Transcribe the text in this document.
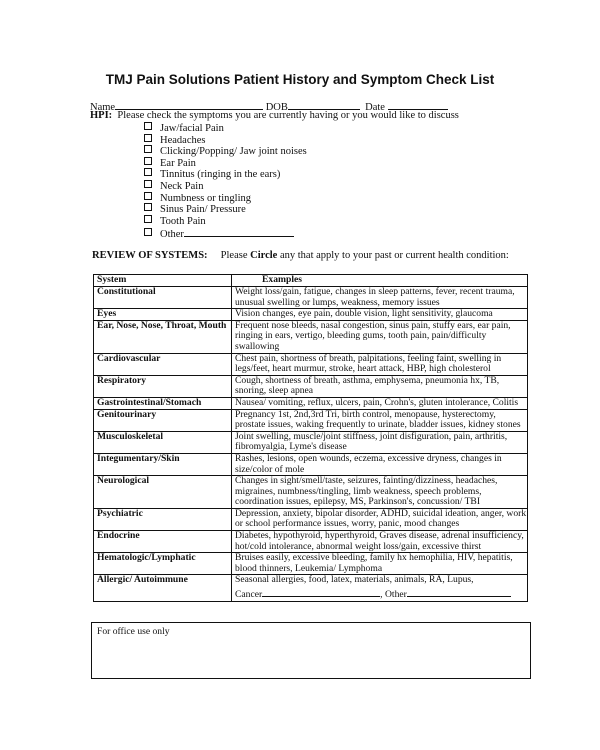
TMJ Pain Solutions Patient History and Symptom Check List
Name	DOB	Date
HPI: Please check the symptoms you are currently having or you would like to discuss
Jaw/facial Pain
Headaches
Clicking/Popping/ Jaw joint noises
Ear Pain
Tinnitus (ringing in the ears)
Neck Pain
Numbness or tingling
Sinus Pain/ Pressure
Tooth Pain
Other
REVIEW OF SYSTEMS: Please Circle any that apply to your past or current health condition:
System	Examples
Constitutional	Weight loss/gain, fatigue, changes in sleep patterns, fever, recent trauma, unusual swelling or lumps, weakness, memory issues
Eyes	Vision changes, eye pain, double vision, light sensitivity, glaucoma
Ear, Nose, Nose, Throat, Mouth	Frequent nose bleeds, nasal congestion, sinus pain, stuffy ears, ear pain, ringing in ears, vertigo, bleeding gums, tooth pain, pain/difficulty swallowing
Cardiovascular	Chest pain, shortness of breath, palpitations, feeling faint, swelling in legs/feet, heart murmur, stroke, heart attack, HBP, high cholesterol
Respiratory	Cough, shortness of breath, asthma, emphysema, pneumonia hx, TB, snoring, sleep apnea
Gastrointestinal/Stomach	Nausea/ vomiting, reflux, ulcers, pain, Crohn's, gluten intolerance, Colitis
Genitourinary	Pregnancy 1st, 2nd,3rd Tri, birth control, menopause, hysterectomy, prostate issues, waking frequently to urinate, bladder issues, kidney stones
Musculoskeletal	Joint swelling, muscle/joint stiffness, joint disfiguration, pain, arthritis, fibromyalgia, Lyme's disease
Integumentary/Skin	Rashes, lesions, open wounds, eczema, excessive dryness, changes in size/color of mole
Neurological	Changes in sight/smell/taste, seizures, fainting/dizziness, headaches, migraines, numbness/tingling, limb weakness, speech problems, coordination issues, epilepsy, MS, Parkinson's, concussion/ TBI
Psychiatric	Depression, anxiety, bipolar disorder, ADHD, suicidal ideation, anger, work or school performance issues, worry, panic, mood changes
Endocrine	Diabetes, hypothyroid, hyperthyroid, Graves disease, adrenal insufficiency, hot/cold intolerance, abnormal weight loss/gain, excessive thirst
Hematologic/Lymphatic	Bruises easily, excessive bleeding, family hx hemophilia, HIV, hepatitis, blood thinners, Leukemia/ Lymphoma
Allergic/ Autoimmune	Seasonal allergies, food, latex, materials, animals, RA, Lupus,
Cancer , Other
For office use only
